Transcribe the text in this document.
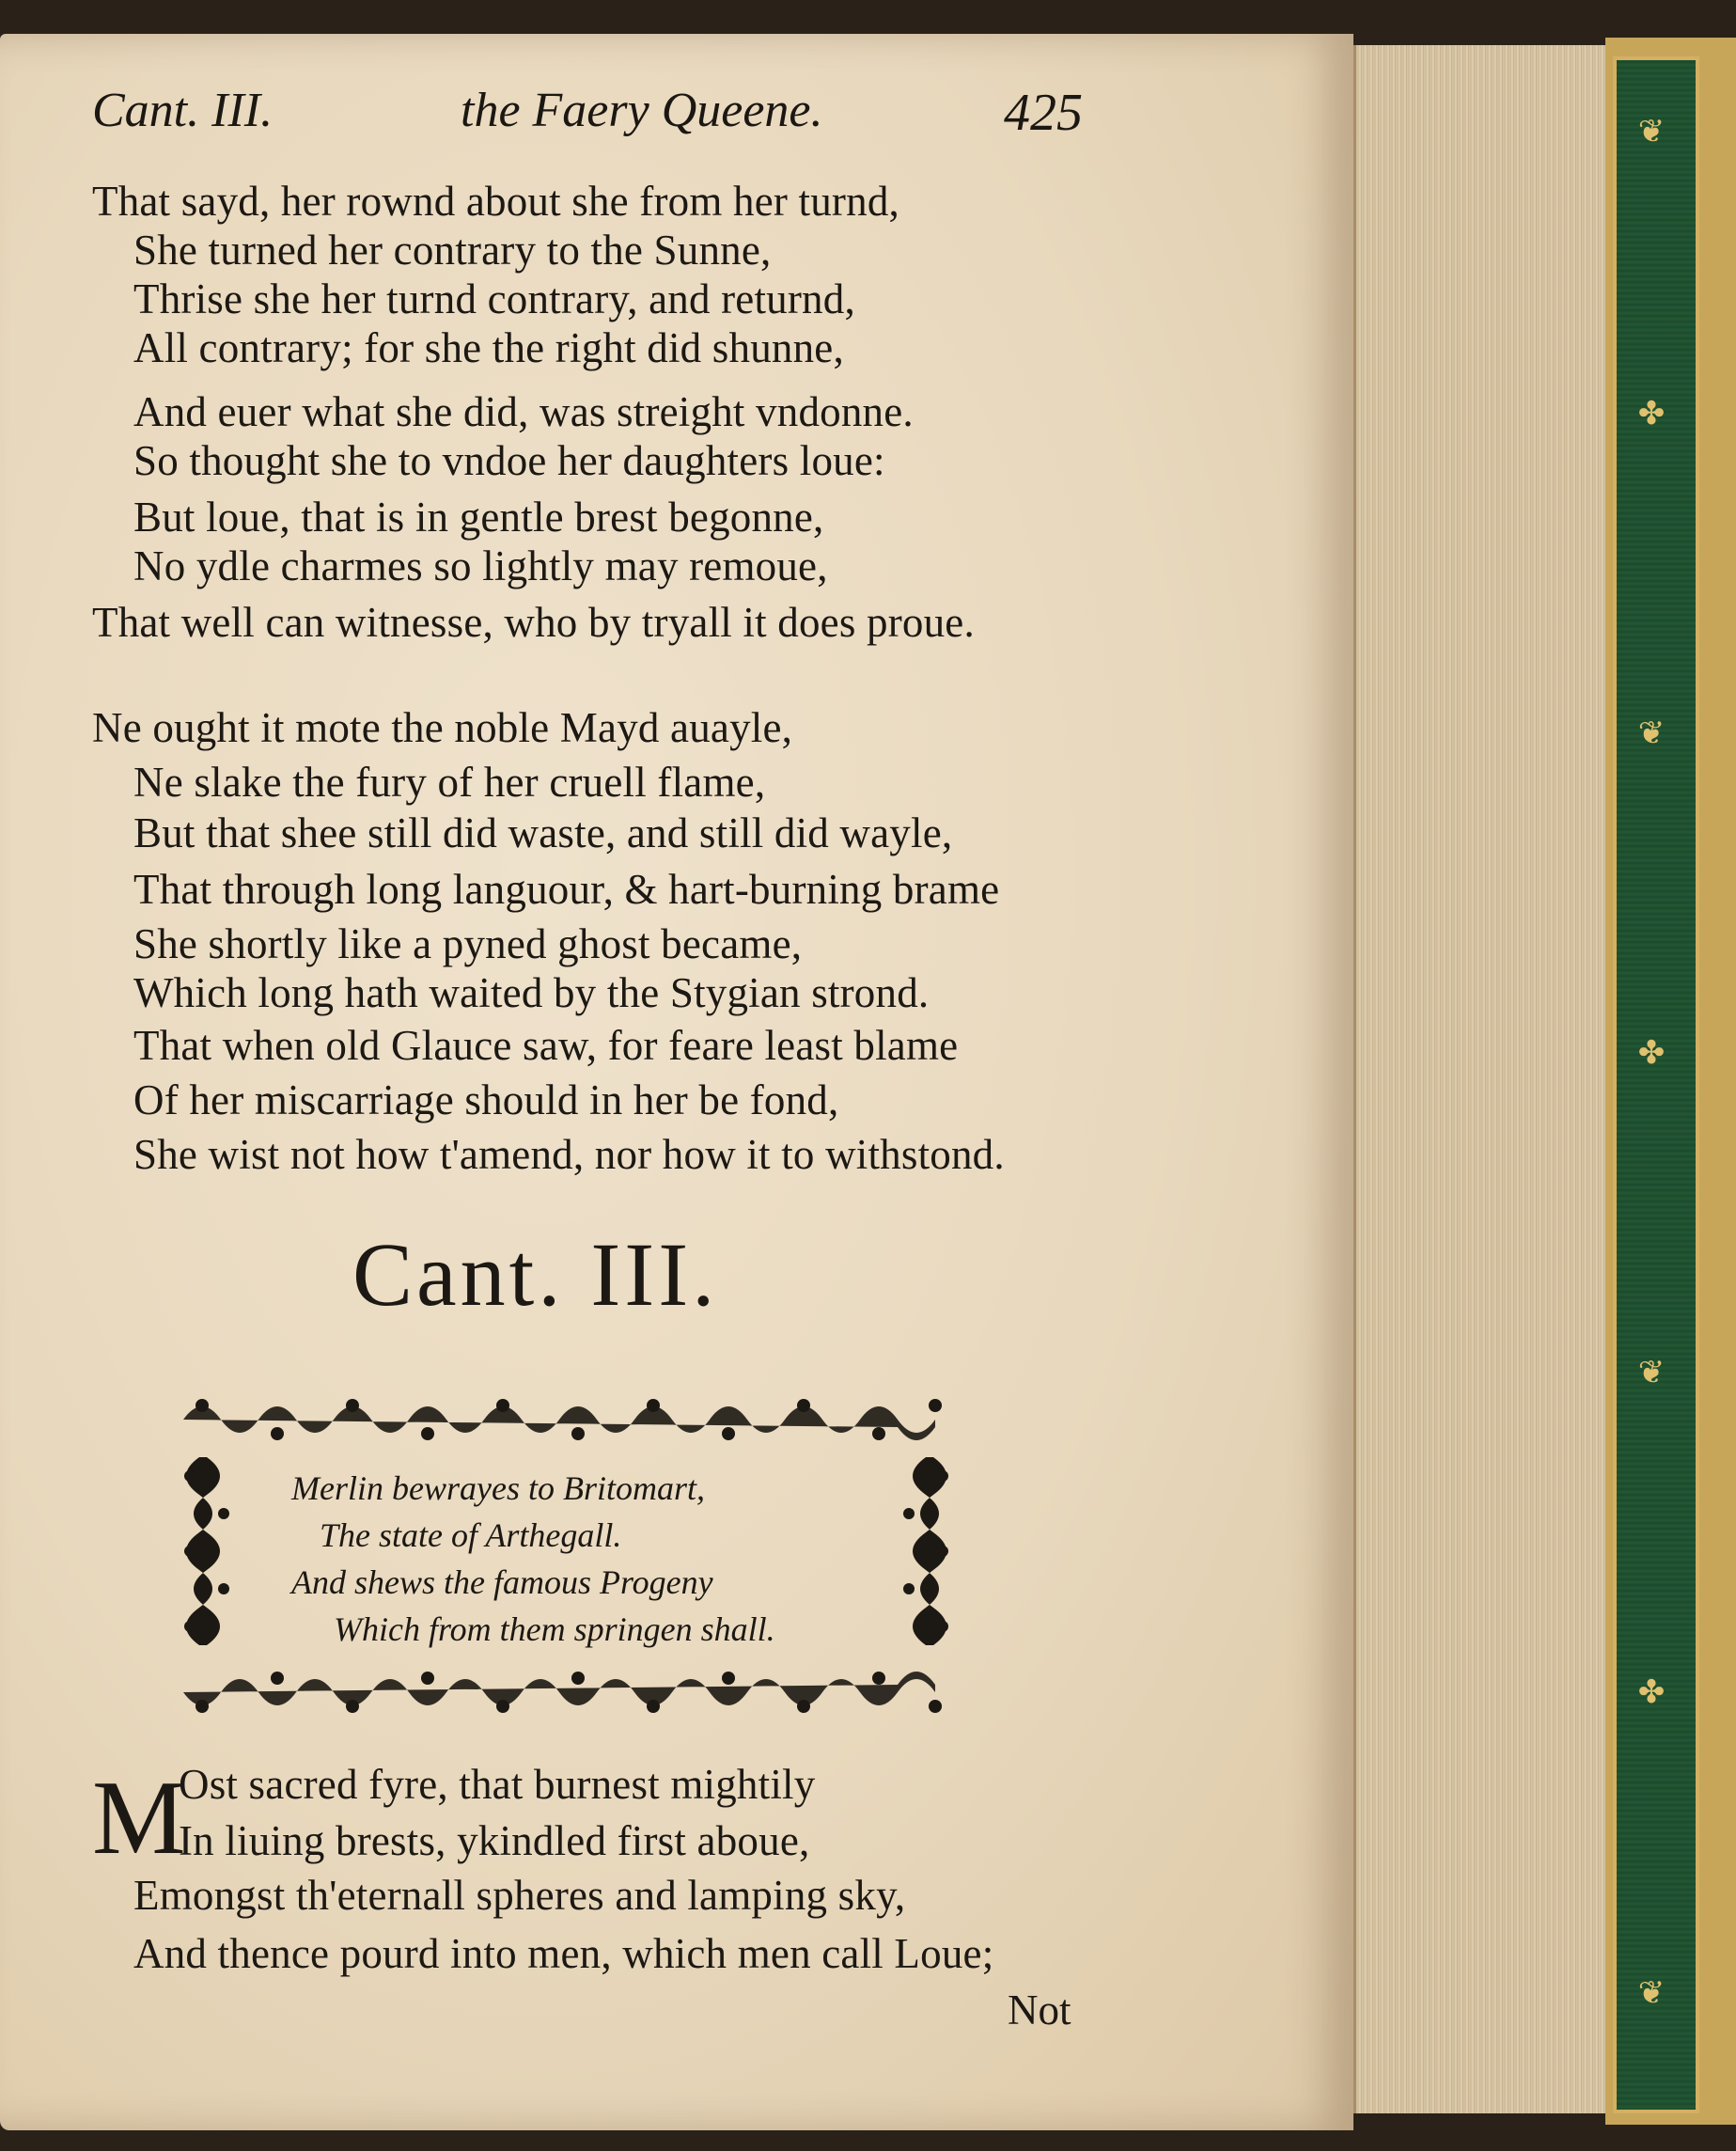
❦
✤
❦
✤
❦
✤
❦
Cant. III.	the Faery Queene.	425
That sayd, her rownd about she from her turnd,
She turned her contrary to the Sunne,
Thrise she her turnd contrary, and returnd,
All contrary; for she the right did shunne,
And euer what she did, was streight vndonne.
So thought she to vndoe her daughters loue:
But loue, that is in gentle brest begonne,
No ydle charmes so lightly may remoue,
That well can witnesse, who by tryall it does proue.
Ne ought it mote the noble Mayd auayle,
Ne slake the fury of her cruell flame,
But that shee still did waste, and still did wayle,
That through long languour, & hart-burning brame
She shortly like a pyned ghost became,
Which long hath waited by the Stygian strond.
That when old Glauce saw, for feare least blame
Of her miscarriage should in her be fond,
She wist not how t'amend, nor how it to withstond.
Cant. III.
Merlin bewrayes to Britomart,
The state of Arthegall.
And shews the famous Progeny
Which from them springen shall.
M
Ost sacred fyre, that burnest mightily
In liuing brests, ykindled first aboue,
Emongst th'eternall spheres and lamping sky,
And thence pourd into men, which men call Loue;
Not
